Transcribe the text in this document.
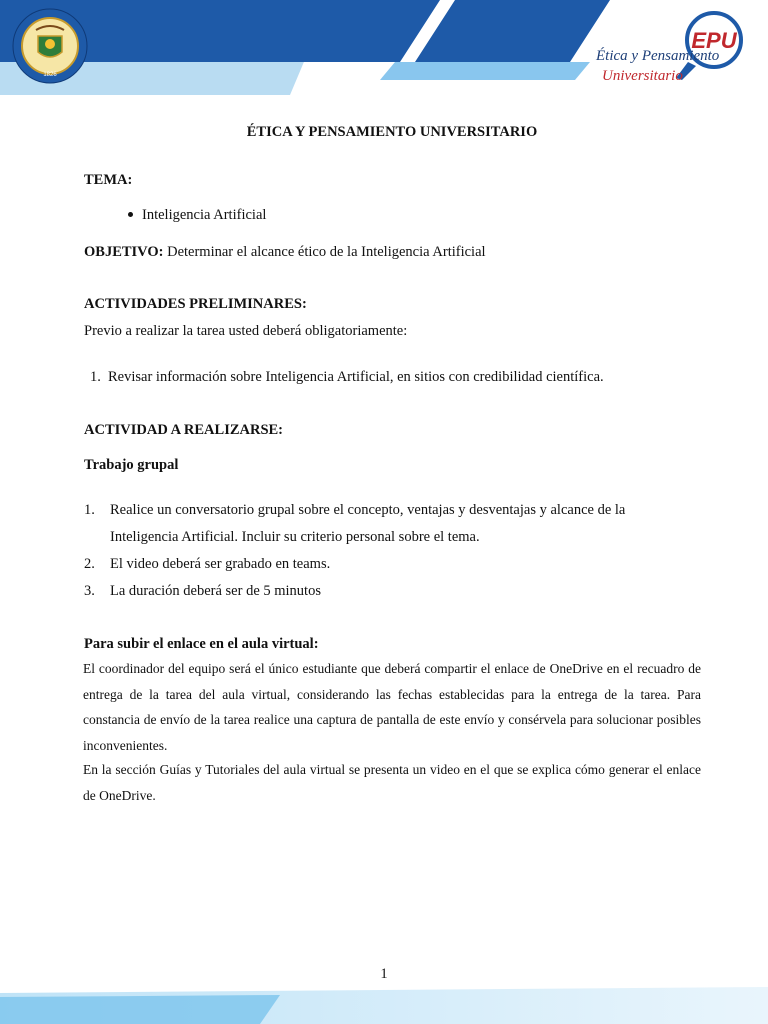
1826
EPU
Ética y Pensamiento
Universitario
ÉTICA Y PENSAMIENTO UNIVERSITARIO
TEMA:
Inteligencia Artificial
OBJETIVO: Determinar el alcance ético de la Inteligencia Artificial
ACTIVIDADES PRELIMINARES:
Previo a realizar la tarea usted deberá obligatoriamente:
1. Revisar información sobre Inteligencia Artificial, en sitios con credibilidad científica.
ACTIVIDAD A REALIZARSE:
Trabajo grupal
1.	Realice un conversatorio grupal sobre el concepto, ventajas y desventajas y alcance de la
Inteligencia Artificial. Incluir su criterio personal sobre el tema.
2.	El video deberá ser grabado en teams.
3.	La duración deberá ser de 5 minutos
Para subir el enlace en el aula virtual:
El coordinador del equipo será el único estudiante que deberá compartir el enlace de OneDrive en el recuadro de entrega de la tarea del aula virtual, considerando las fechas establecidas para la entrega de la tarea. Para constancia de envío de la tarea realice una captura de pantalla de este envío y consérvela para solucionar posibles inconvenientes.
En la sección Guías y Tutoriales del aula virtual se presenta un video en el que se explica cómo generar el enlace de OneDrive.
1
